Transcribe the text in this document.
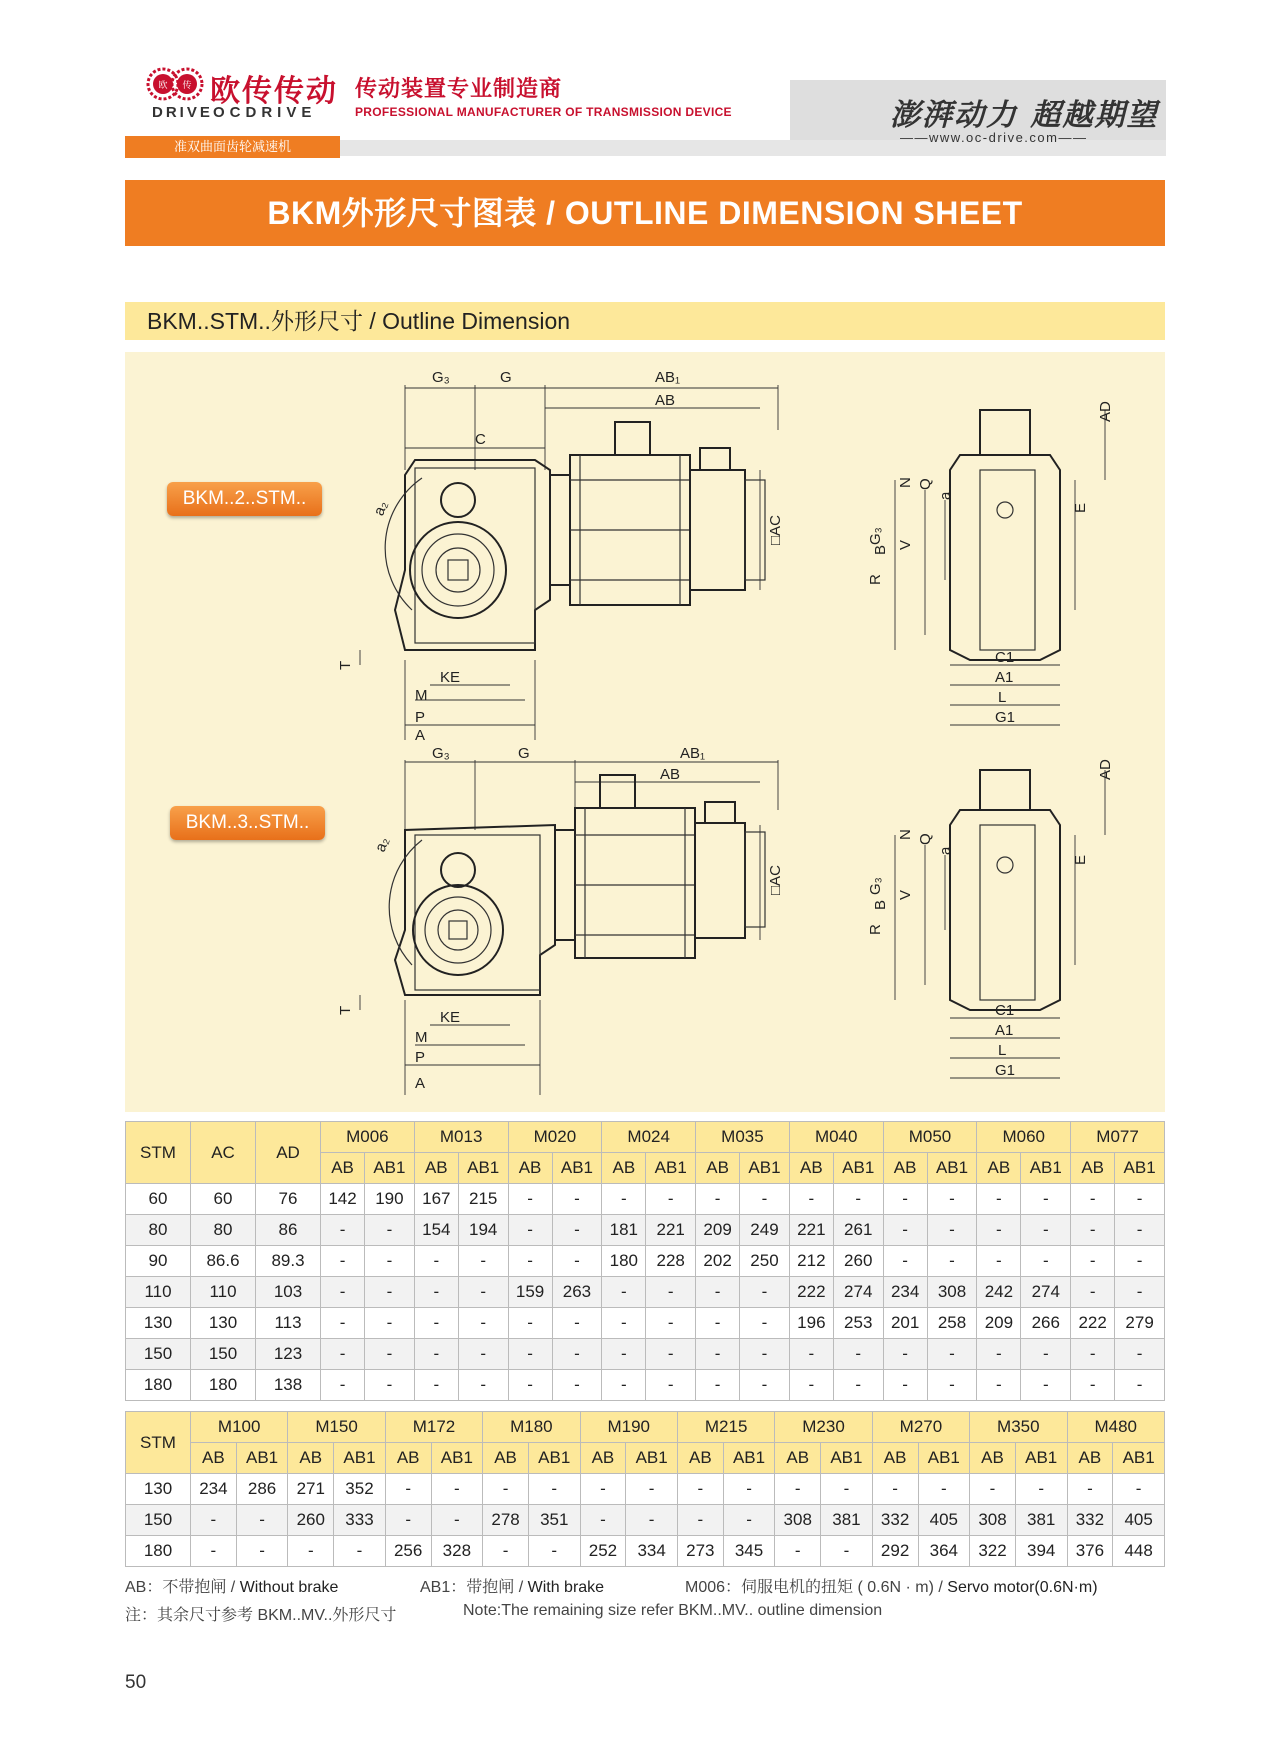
欧 传 欧传传动
DRIVE OCDRIVE
传动装置专业制造商
PROFESSIONAL MANUFACTURER OF TRANSMISSION DEVICE	澎湃动力 超越期望
——www.oc-drive.com——
准双曲面齿轮减速机
BKM外形尺寸图表 / OUTLINE DIMENSION SHEET
BKM..STM..外形尺寸 / Outline Dimension
BKM..2..STM..
BKM..3..STM..
G₃	G	AB₁
AB
C
a₂
□AC
T
KE
M
P
A
B
N Q
a
V
G₃
AD
E
R
C1
A1
L
G1
G₃	G	AB₁
AB
a₂
□AC
T	KE
M
P
A
B
N Q
a
V
G₃
AD
E
R
C1
A1
L
G1
STM	AC	AD	M006		M013		M020		M024		M035		M040		M050		M060		M077	
			AB	AB1	AB	AB1	AB	AB1	AB	AB1	AB	AB1	AB	AB1	AB	AB1	AB	AB1	AB	AB1
60	60	76	142	190	167	215	-	-	-	-	-	-	-	-	-	-	-	-	-	-
80	80	86	-	-	154	194	-	-	181	221	209	249	221	261	-	-	-	-	-	-
90	86.6	89.3	-	-	-	-	-	-	180	228	202	250	212	260	-	-	-	-	-	-
110	110	103	-	-	-	-	159	263	-	-	-	-	222	274	234	308	242	274	-	-
130	130	113	-	-	-	-	-	-	-	-	-	-	196	253	201	258	209	266	222	279
150	150	123	-	-	-	-	-	-	-	-	-	-	-	-	-	-	-	-	-	-
180	180	138	-	-	-	-	-	-	-	-	-	-	-	-	-	-	-	-	-	-
STM	M100		M150		M172		M180		M190		M215		M230		M270		M350		M480	
	AB	AB1	AB	AB1	AB	AB1	AB	AB1	AB	AB1	AB	AB1	AB	AB1	AB	AB1	AB	AB1	AB	AB1
130	234	286	271	352	-	-	-	-	-	-	-	-	-	-	-	-	-	-	-	-
150	-	-	260	333	-	-	278	351	-	-	-	-	308	381	332	405	308	381	332	405
180	-	-	-	-	256	328	-	-	252	334	273	345	-	-	292	364	322	394	376	448
AB：不带抱闸 / Without brake	AB1：带抱闸 / With brake	M006：伺服电机的扭矩 ( 0.6N · m) / Servo motor(0.6N·m)
注：其余尺寸参考 BKM..MV..外形尺寸	Note:The remaining size refer BKM..MV.. outline dimension
50
